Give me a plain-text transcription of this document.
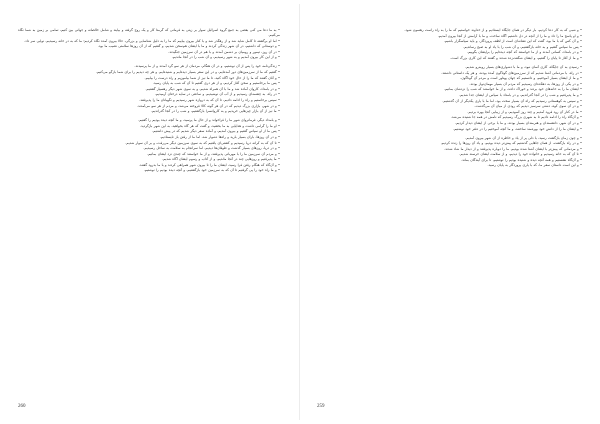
• به ما دعا می کنی بعضی به جمع گروه اسرائیل سوار بر زیتی به فرمانی که گرمتا کار و یک روح گرفته و بیایند و شامل خالصانه و جهانی بین کنیم، تمامی بر زمین به شما نگاه می‌کنیم.

• اما او برگشته تا کامل شاید شد و از رهگذر شد و با کنار بیرون بیاییم که ما را به دلیل شناسایی و بزرگی، حالا بیرون آمده نگاه کردیم؛ ما که به در خانه رسیدیم، نوایی سر داد.

• و دوستانی که داشتیم، در آن شهر زندگی کردند و ما با ایشان هم‌سخن شدیم، و گفتیم که از آن روزها سلامتی نصیب ما بود.

• در آن روز، تیمور و رومیان بر دشمن آمدند و با هم در آن سرزمین جنگیدند.

• و از این کار بیرون آمدیم و به شهر رسیدیم، و آن شب را در آنجا ماندیم.

• زندگی‌نامه خود را پس از آن نوشتیم، و در آن هنگام، مردمان از هر سو گرد آمدند و از ما پرسیدند.

• گفتیم که ما از سرزمین‌های دور آمده‌ایم، و در این سفر بسیار دیده‌ایم و شنیده‌ایم، و هر چه دیدیم را برای شما بازگو می‌کنیم.

• و آنان گفتند که ما را از حال خود آگاه کنید، تا ما نیز از شما بیاموزیم و راه درست را بیابیم.

• پس ما برخاستیم و سخن آغاز کردیم، و از هر دری گفتیم تا آن که شب به پایان رسید.

• و در بامداد، کاروان آماده شد و ما با آن همراه شدیم، و به سوی شهر دیگر رهسپار گشتیم.

• در راه، به چشمه‌ای رسیدیم و از آب آن نوشیدیم، و ساعتی در سایه درختان آرمیدیم.

• سپس برخاستیم و راه را ادامه دادیم، تا آن که به دروازه شهر رسیدیم و نگهبانان ما را پذیرفتند.

• و در شهر، بازاری بزرگ دیدیم که در آن هر گونه کالا فروخته می‌شد، و مردم از هر سو می‌آمدند.

• ما نیز از آن بازار چیزهایی خریدیم و به کاروانسرا بازگشتیم، و شب را در آنجا گذراندیم.

• و بامداد دیگر، فرمانروای شهر ما را فراخواند و از حال ما پرسید، و ما آنچه دیده بودیم را گفتیم.

• او ما را گرامی داشت و هدایایی به ما بخشید، و گفت که هر گاه بخواهید، به این شهر بازگردید.

• پس ما از او سپاس گفتیم و بیرون آمدیم، و آماده سفر دیگر شدیم که در پیش داشتیم.

• و در آن روزها، باران بسیار بارید و راه‌ها دشوار شد، اما ما از رفتن باز نایستادیم.

• تا آن که به کرانه دریا رسیدیم و کشتی‌ای یافتیم که به سوی سرزمین دیگر می‌رفت، و بر آن سوار شدیم.

• و در دریا، روزهای بسیار گذشت و طوفان‌ها دیدیم، اما سرانجام به سلامت به ساحل رسیدیم.

• و مردم آن سرزمین ما را با مهربانی پذیرفتند، و از ما خواستند که چندی نزد ایشان بمانیم.

• ما پذیرفتیم و روزهایی چند در آنجا ماندیم، و از آداب و رسوم ایشان آگاه شدیم.

• و آن‌گاه که هنگام رفتن فرا رسید، ایشان ما را تا بیرون شهر همراهی کردند و با ما بدرود گفتند.

• و ما راه خود را پی گرفتیم تا آن که به سرزمین خود بازگشتیم، و آنچه دیده بودیم را نوشتیم.

260

• و شبی که به کار دعا کردیم، بار دیگر در همان جایگاه ایستادیم و از خداوند خواستیم که ما را به راه راست رهنمون شود.

• و او پاسخ ما را داد و ما را از آنچه در دل داشتیم آگاه ساخت، و ما با آرامش از آنجا بیرون آمدیم.

• و آن کس که با ما بود، گفت که این نشانه‌ای است از لطف پروردگار، و باید سپاسگزار باشیم.

• پس ما سپاس گفتیم و به خانه بازگشتیم، و آن شب را با یاد او به صبح رساندیم.

• و در بامداد، کسانی آمدند و از ما خواستند که آنچه دیده‌ایم را برایشان بگوییم.

• و ما از آغاز تا پایان را گفتیم، و ایشان شگفت‌زده شدند و گفتند که این کاری بزرگ است.

• رسیدن به آن جایگاه، کاری آسان نبود، و ما با دشواری‌های بسیار روبه‌رو شدیم.

• در راه، با مردمانی آشنا شدیم که از سرزمین‌های گوناگون آمده بودند، و هر یک داستانی داشتند.

• و ما از ایشان بسیار آموختیم، و دانستیم که جهان پهناور است و مردم آن گوناگون.

• و در یکی از روزها، به دهکده‌ای رسیدیم که مردم آن بسیار مهمان‌نواز بودند.

• ایشان ما را به خانه‌های خود بردند و خوراک دادند، و از ما خواستند که شب را نزدشان بمانیم.

• و ما پذیرفتیم و شب را در آنجا گذراندیم، و در بامداد با سپاس از ایشان جدا شدیم.

• و سپس به کوهستانی رسیدیم که راه آن بسیار سخت بود، اما ما با یاری یکدیگر از آن گذشتیم.

• و در آن سوی کوه، دشتی سرسبز دیدیم که رودی از میان آن می‌گذشت.

• ما در کنار آن رود فرود آمدیم و چند روز آسودیم، و از زیبایی آنجا بهره بردیم.

• و آن‌گاه راه را ادامه دادیم تا به شهری بزرگ رسیدیم که نامش در همه جا شنیده می‌شد.

• و در آن شهر، دانشمندان و هنرمندان بسیار بودند، و ما با برخی از ایشان دیدار کردیم.

• و ایشان ما را از دانش خود بهره‌مند ساختند، و ما آنچه آموختیم را در دفتر خود نوشتیم.

• و چون زمان بازگشت رسید، با دلی پر از یاد و خاطره از آن شهر بیرون آمدیم.

• و در راه بازگشت، از همان جاهایی گذشتیم که پیش‌تر دیده بودیم، و یاد آن روزها را زنده کردیم.

• و مردمانی که پیش‌تر با ایشان آشنا شده بودیم، ما را دوباره پذیرفتند و از دیدار ما شاد شدند.

• تا آن که به خانه رسیدیم و خانواده خود را دیدیم، و از سلامت ایشان خرسند شدیم.

• و آن‌گاه نشستیم و همه آنچه دیده و شنیده بودیم را نوشتیم، تا برای آیندگان بماند.

• و این است داستان سفر ما، که با یاری پروردگار به پایان رسید.

259
